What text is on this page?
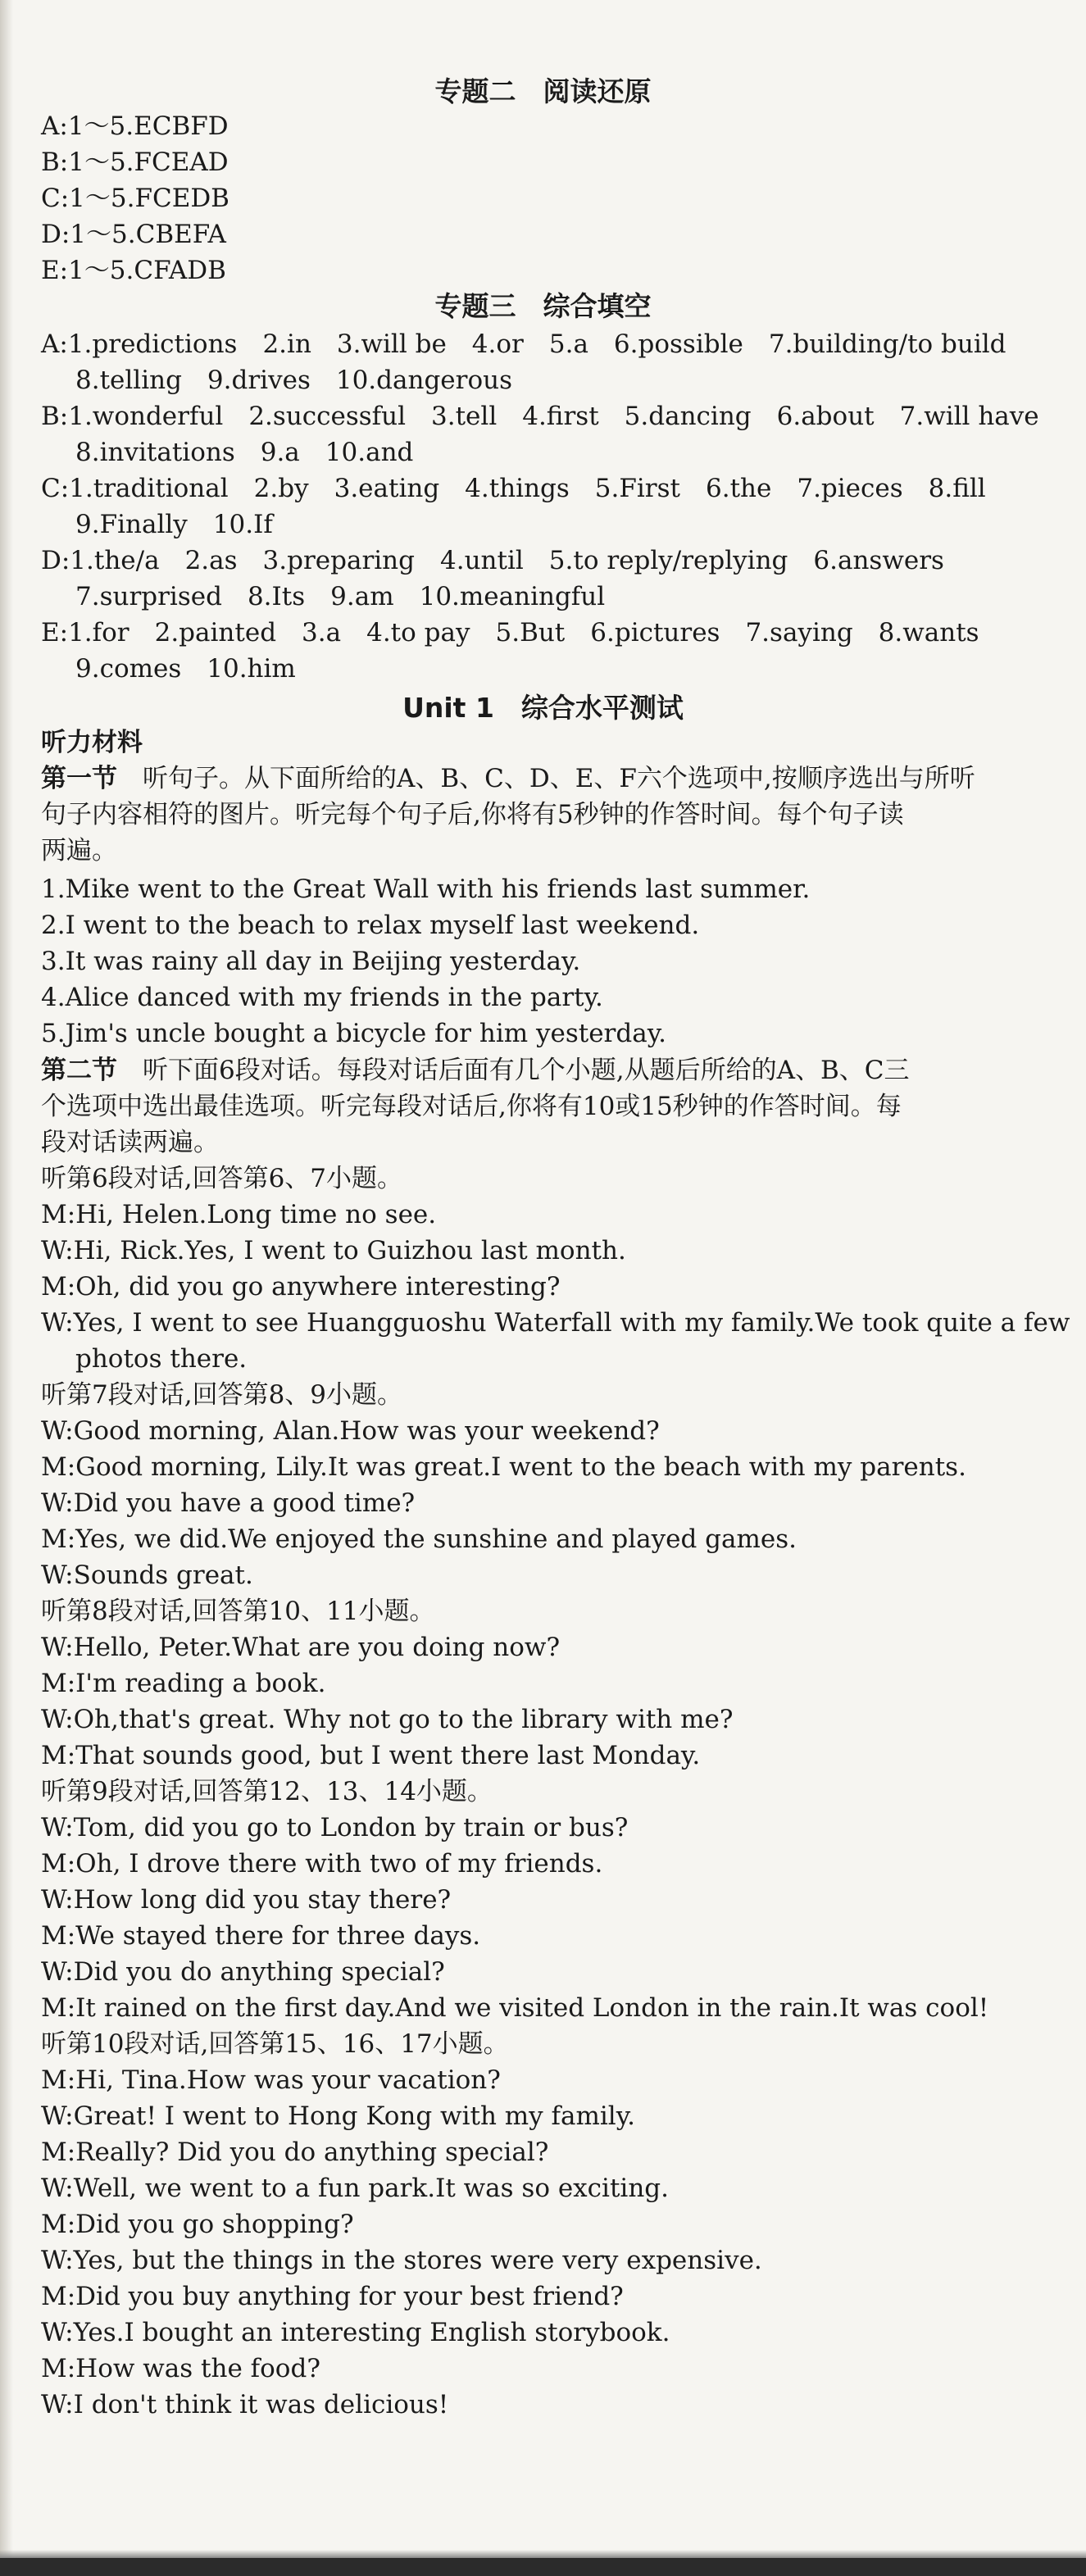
专题二　阅读还原
A:1～5.ECBFD
B:1～5.FCEAD
C:1～5.FCEDB
D:1～5.CBEFA
E:1～5.CFADB
专题三　综合填空
A:1.predictions　2.in　3.will be　4.or　5.a　6.possible　7.building/to build
8.telling　9.drives　10.dangerous
B:1.wonderful　2.successful　3.tell　4.first　5.dancing　6.about　7.will have
8.invitations　9.a　10.and
C:1.traditional　2.by　3.eating　4.things　5.First　6.the　7.pieces　8.fill
9.Finally　10.If
D:1.the/a　2.as　3.preparing　4.until　5.to reply/replying　6.answers
7.surprised　8.Its　9.am　10.meaningful
E:1.for　2.painted　3.a　4.to pay　5.But　6.pictures　7.saying　8.wants
9.comes　10.him
Unit 1　综合水平测试
听力材料
第一节　 听句子。从下面所给的A、B、C、D、E、F六个选项中,按顺序选出与所听
句子内容相符的图片。听完每个句子后,你将有5秒钟的作答时间。每个句子读
两遍。
1.Mike went to the Great Wall with his friends last summer.
2.I went to the beach to relax myself last weekend.
3.It was rainy all day in Beijing yesterday.
4.Alice danced with my friends in the party.
5.Jim's uncle bought a bicycle for him yesterday.
第二节　 听下面6段对话。每段对话后面有几个小题,从题后所给的A、B、C三
个选项中选出最佳选项。听完每段对话后,你将有10或15秒钟的作答时间。每
段对话读两遍。
听第6段对话,回答第6、7小题。
M:Hi, Helen.Long time no see.
W:Hi, Rick.Yes, I went to Guizhou last month.
M:Oh, did you go anywhere interesting?
W:Yes, I went to see Huangguoshu Waterfall with my family.We took quite a few
photos there.
听第7段对话,回答第8、9小题。
W:Good morning, Alan.How was your weekend?
M:Good morning, Lily.It was great.I went to the beach with my parents.
W:Did you have a good time?
M:Yes, we did.We enjoyed the sunshine and played games.
W:Sounds great.
听第8段对话,回答第10、11小题。
W:Hello, Peter.What are you doing now?
M:I'm reading a book.
W:Oh,that's great. Why not go to the library with me?
M:That sounds good, but I went there last Monday.
听第9段对话,回答第12、13、14小题。
W:Tom, did you go to London by train or bus?
M:Oh, I drove there with two of my friends.
W:How long did you stay there?
M:We stayed there for three days.
W:Did you do anything special?
M:It rained on the first day.And we visited London in the rain.It was cool!
听第10段对话,回答第15、16、17小题。
M:Hi, Tina.How was your vacation?
W:Great! I went to Hong Kong with my family.
M:Really? Did you do anything special?
W:Well, we went to a fun park.It was so exciting.
M:Did you go shopping?
W:Yes, but the things in the stores were very expensive.
M:Did you buy anything for your best friend?
W:Yes.I bought an interesting English storybook.
M:How was the food?
W:I don't think it was delicious!
